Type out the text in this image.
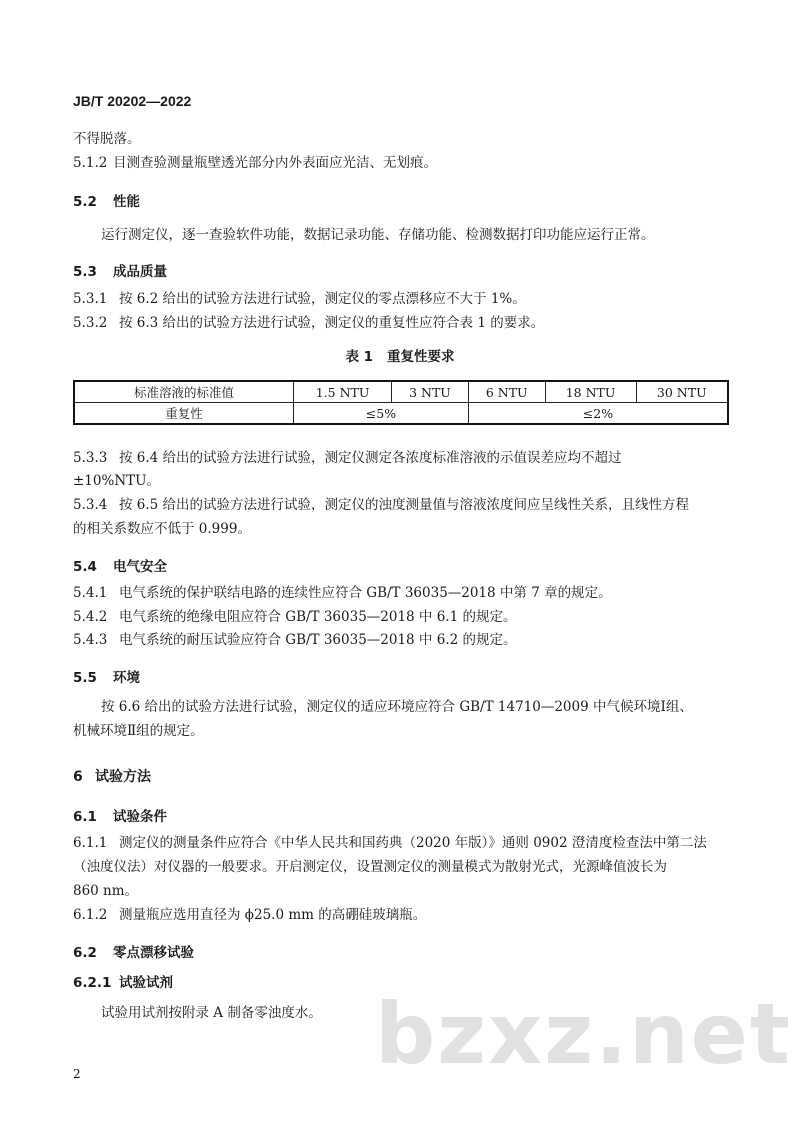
JB/T 20202—2022
不得脱落。
5.1.2 目测查验测量瓶壁透光部分内外表面应光洁、无划痕。
5.2 性能
运行测定仪，逐一查验软件功能，数据记录功能、存储功能、检测数据打印功能应运行正常。
5.3 成品质量
5.3.1 按 6.2 给出的试验方法进行试验，测定仪的零点漂移应不大于 1%。
5.3.2 按 6.3 给出的试验方法进行试验，测定仪的重复性应符合表 1 的要求。
表 1 重复性要求
标准溶液的标准值	1.5 NTU	3 NTU	6 NTU	18 NTU	30 NTU
重复性	≤5%		≤2%		
5.3.3 按 6.4 给出的试验方法进行试验，测定仪测定各浓度标准溶液的示值误差应均不超过
±10%NTU。
5.3.4 按 6.5 给出的试验方法进行试验，测定仪的浊度测量值与溶液浓度间应呈线性关系，且线性方程
的相关系数应不低于 0.999。
5.4 电气安全
5.4.1 电气系统的保护联结电路的连续性应符合 GB/T 36035—2018 中第 7 章的规定。
5.4.2 电气系统的绝缘电阻应符合 GB/T 36035—2018 中 6.1 的规定。
5.4.3 电气系统的耐压试验应符合 GB/T 36035—2018 中 6.2 的规定。
5.5 环境
按 6.6 给出的试验方法进行试验，测定仪的适应环境应符合 GB/T 14710—2009 中气候环境Ⅰ组、
机械环境Ⅱ组的规定。
6 试验方法
6.1 试验条件
6.1.1 测定仪的测量条件应符合《中华人民共和国药典（2020 年版）》通则 0902 澄清度检查法中第二法
（浊度仪法）对仪器的一般要求。开启测定仪，设置测定仪的测量模式为散射光式，光源峰值波长为
860 nm。
6.1.2 测量瓶应选用直径为 ϕ25.0 mm 的高硼硅玻璃瓶。
6.2 零点漂移试验
6.2.1 试验试剂
试验用试剂按附录 A 制备零浊度水。 bzxz.net
2
